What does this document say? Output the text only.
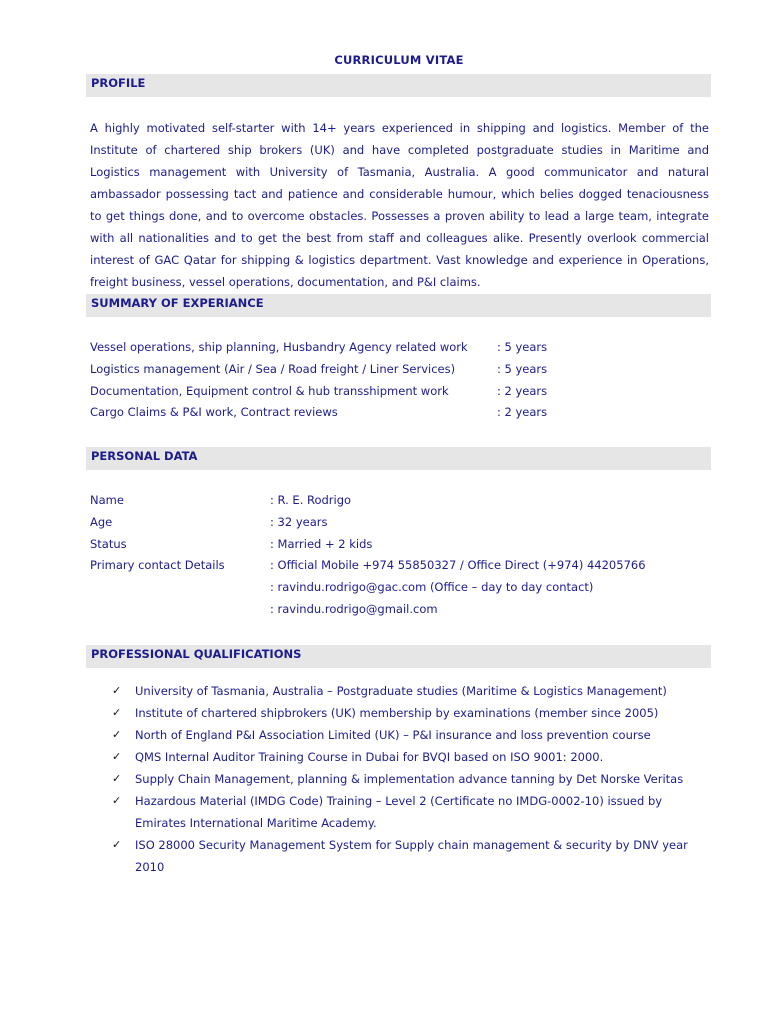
CURRICULUM VITAE
PROFILE
A highly motivated self-starter with 14+ years experienced in shipping and logistics. Member of the Institute of chartered ship brokers (UK) and have completed postgraduate studies in Maritime and Logistics management with University of Tasmania, Australia. A good communicator and natural ambassador possessing tact and patience and considerable humour, which belies dogged tenaciousness to get things done, and to overcome obstacles. Possesses a proven ability to lead a large team, integrate with all nationalities and to get the best from staff and colleagues alike. Presently overlook commercial interest of GAC Qatar for shipping & logistics department. Vast knowledge and experience in Operations, freight business, vessel operations, documentation, and P&I claims.
SUMMARY OF EXPERIANCE
Vessel operations, ship planning, Husbandry Agency related work	: 5 years
Logistics management (Air / Sea / Road freight / Liner Services)	: 5 years
Documentation, Equipment control & hub transshipment work	: 2 years
Cargo Claims & P&I work, Contract reviews	: 2 years
PERSONAL DATA
Name	: R. E. Rodrigo
Age	: 32 years
Status	: Married + 2 kids
Primary contact Details	: Official Mobile +974 55850327 / Office Direct (+974) 44205766
: ravindu.rodrigo@gac.com (Office – day to day contact)
: ravindu.rodrigo@gmail.com
PROFESSIONAL QUALIFICATIONS
✓ University of Tasmania, Australia – Postgraduate studies (Maritime & Logistics Management)
✓ Institute of chartered shipbrokers (UK) membership by examinations (member since 2005)
✓ North of England P&I Association Limited (UK) – P&I insurance and loss prevention course
✓ QMS Internal Auditor Training Course in Dubai for BVQI based on ISO 9001: 2000.
✓ Supply Chain Management, planning & implementation advance tanning by Det Norske Veritas
✓ Hazardous Material (IMDG Code) Training – Level 2 (Certificate no IMDG-0002-10) issued by Emirates International Maritime Academy.
✓ ISO 28000 Security Management System for Supply chain management & security by DNV year 2010
